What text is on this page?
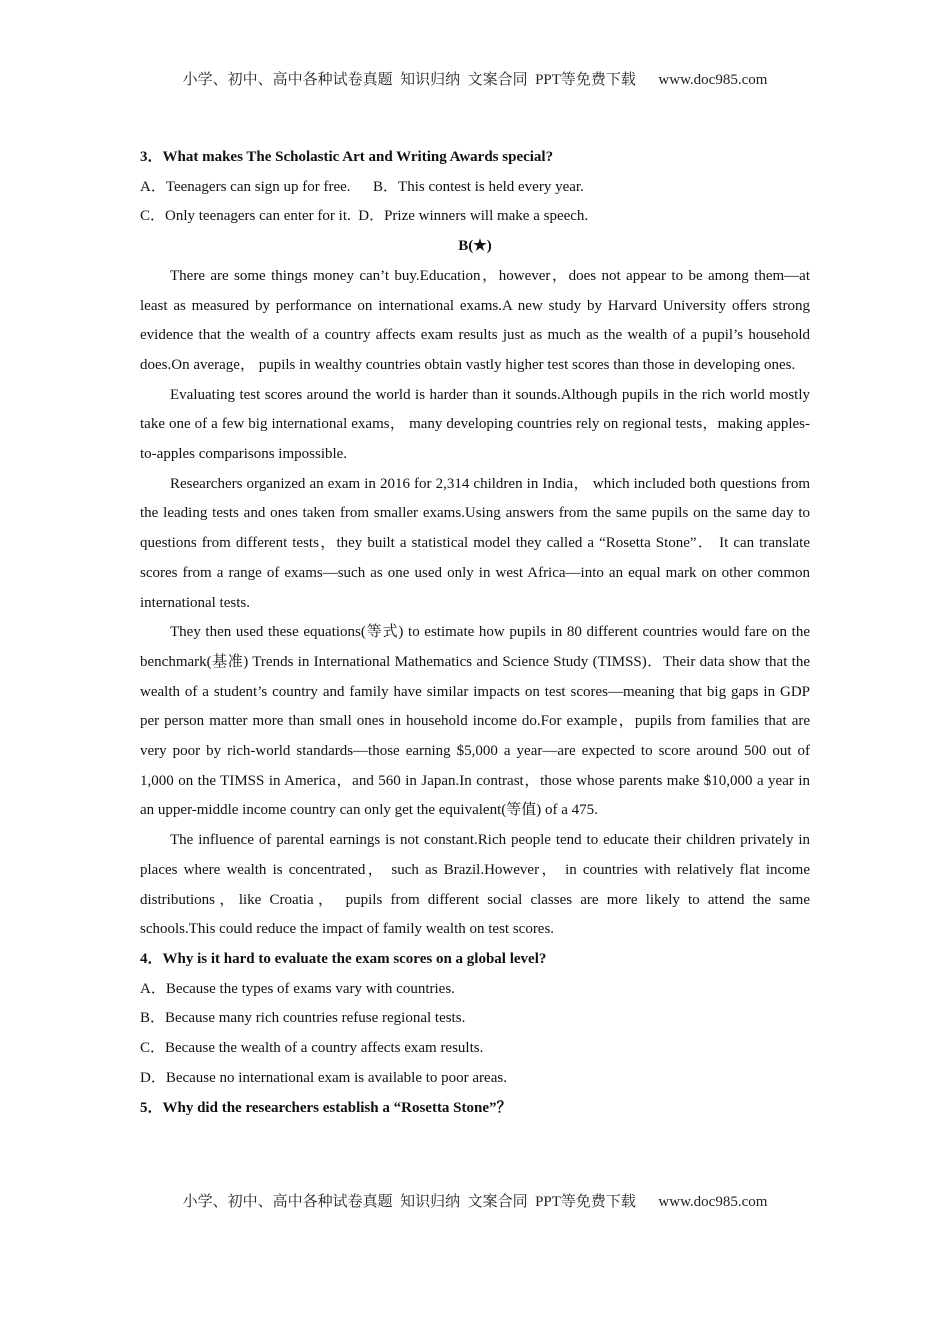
小学、初中、高中各种试卷真题  知识归纳  文案合同  PPT等免费下载      www.doc985.com

3．What makes The Scholastic Art and Writing Awards special?

A．Teenagers can sign up for free.      B．This contest is held every year.

C．Only teenagers can enter for it.  D．Prize winners will make a speech.

B(★)

There are some things money can’t buy.Education，however，does not appear to be among them—at least as measured by performance on international exams.A new study by Harvard University offers strong evidence that the wealth of a country affects exam results just as much as the wealth of a pupil’s household does.On average， pupils in wealthy countries obtain vastly higher test scores than those in developing ones.

Evaluating test scores around the world is harder than it sounds.Although pupils in the rich world mostly take one of a few big international exams， many developing countries rely on regional tests，making apples-to-apples comparisons impossible.

Researchers organized an exam in 2016 for 2,314 children in India， which included both questions from the leading tests and ones taken from smaller exams.Using answers from the same pupils on the same day to questions from different tests，they built a statistical model they called a “Rosetta Stone”． It can translate scores from a range of exams—such as one used only in west Africa—into an equal mark on other common international tests.

They then used these equations(等式) to estimate how pupils in 80 different countries would fare on the benchmark(基准) Trends in International Mathematics and Science Study (TIMSS)．Their data show that the wealth of a student’s country and family have similar impacts on test scores—meaning that big gaps in GDP per person matter more than small ones in household income do.For example，pupils from families that are very poor by rich-world standards—those earning $5,000 a year—are expected to score around 500 out of 1,000 on the TIMSS in America，and 560 in Japan.In contrast，those whose parents make $10,000 a year in an upper-middle income country can only get the equivalent(等值) of a 475.

The influence of parental earnings is not constant.Rich people tend to educate their children privately in places where wealth is concentrated， such as Brazil.However， in countries with relatively flat income distributions，like Croatia， pupils from different social classes are more likely to attend the same schools.This could reduce the impact of family wealth on test scores.

4．Why is it hard to evaluate the exam scores on a global level?

A．Because the types of exams vary with countries.

B．Because many rich countries refuse regional tests.

C．Because the wealth of a country affects exam results.

D．Because no international exam is available to poor areas.

5．Why did the researchers establish a “Rosetta Stone”？

小学、初中、高中各种试卷真题  知识归纳  文案合同  PPT等免费下载      www.doc985.com
